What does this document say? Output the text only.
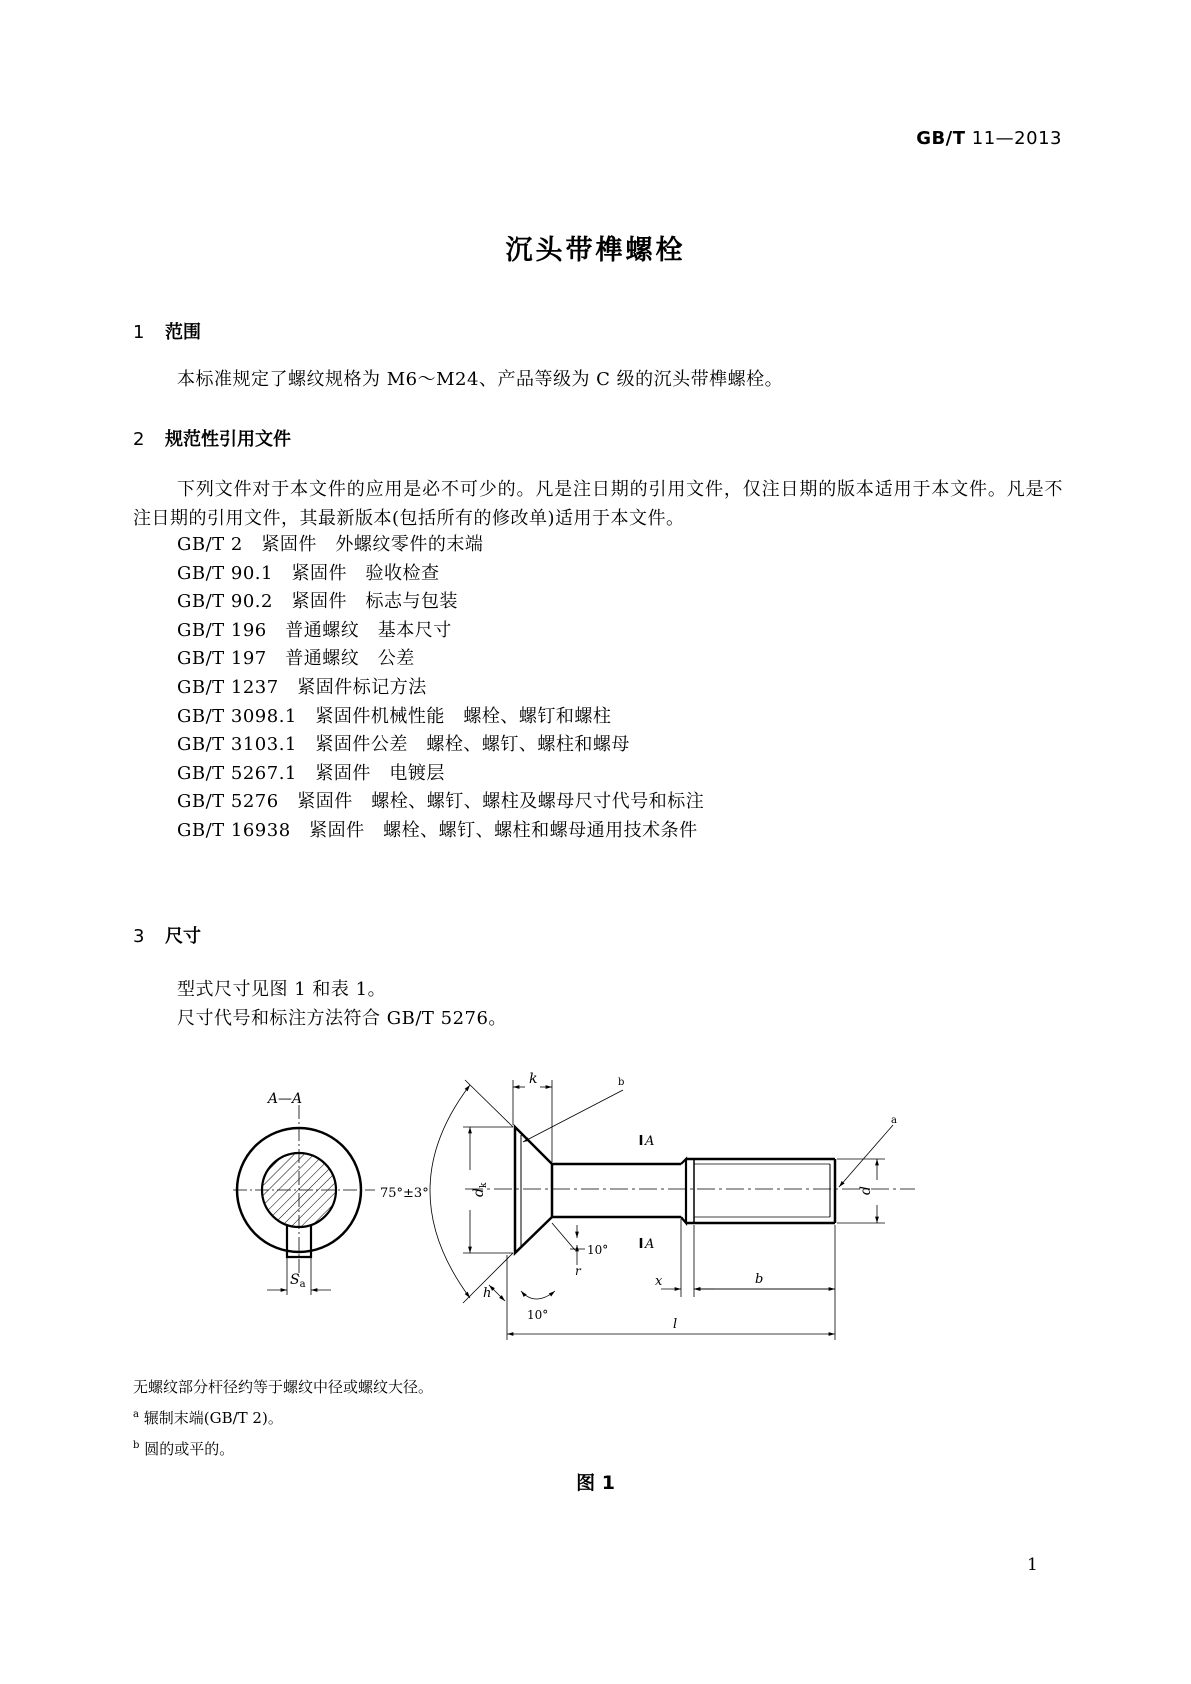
GB/T 11—2013
沉头带榫螺栓
1 范围
本标准规定了螺纹规格为 M6～M24、产品等级为 C 级的沉头带榫螺栓。
2 规范性引用文件
下列文件对于本文件的应用是必不可少的。凡是注日期的引用文件，仅注日期的版本适用于本文件。凡是不注日期的引用文件，其最新版本(包括所有的修改单)适用于本文件。
GB/T 2　紧固件　外螺纹零件的末端
GB/T 90.1　紧固件　验收检查
GB/T 90.2　紧固件　标志与包装
GB/T 196　普通螺纹　基本尺寸
GB/T 197　普通螺纹　公差
GB/T 1237　紧固件标记方法
GB/T 3098.1　紧固件机械性能　螺栓、螺钉和螺柱
GB/T 3103.1　紧固件公差　螺栓、螺钉、螺柱和螺母
GB/T 5267.1　紧固件　电镀层
GB/T 5276　紧固件　螺栓、螺钉、螺柱及螺母尺寸代号和标注
GB/T 16938　紧固件　螺栓、螺钉、螺柱和螺母通用技术条件
3 尺寸
型式尺寸见图 1 和表 1。
尺寸代号和标注方法符合 GB/T 5276。
A—A
$S_a$
k	b
A
A
a
75°±3°	$d_k$
d
10°
r
10°
h
x	b
l
无螺纹部分杆径约等于螺纹中径或螺纹大径。
$^a$ 辗制末端(GB/T 2)。
$^b$ 圆的或平的。
图 1
1
